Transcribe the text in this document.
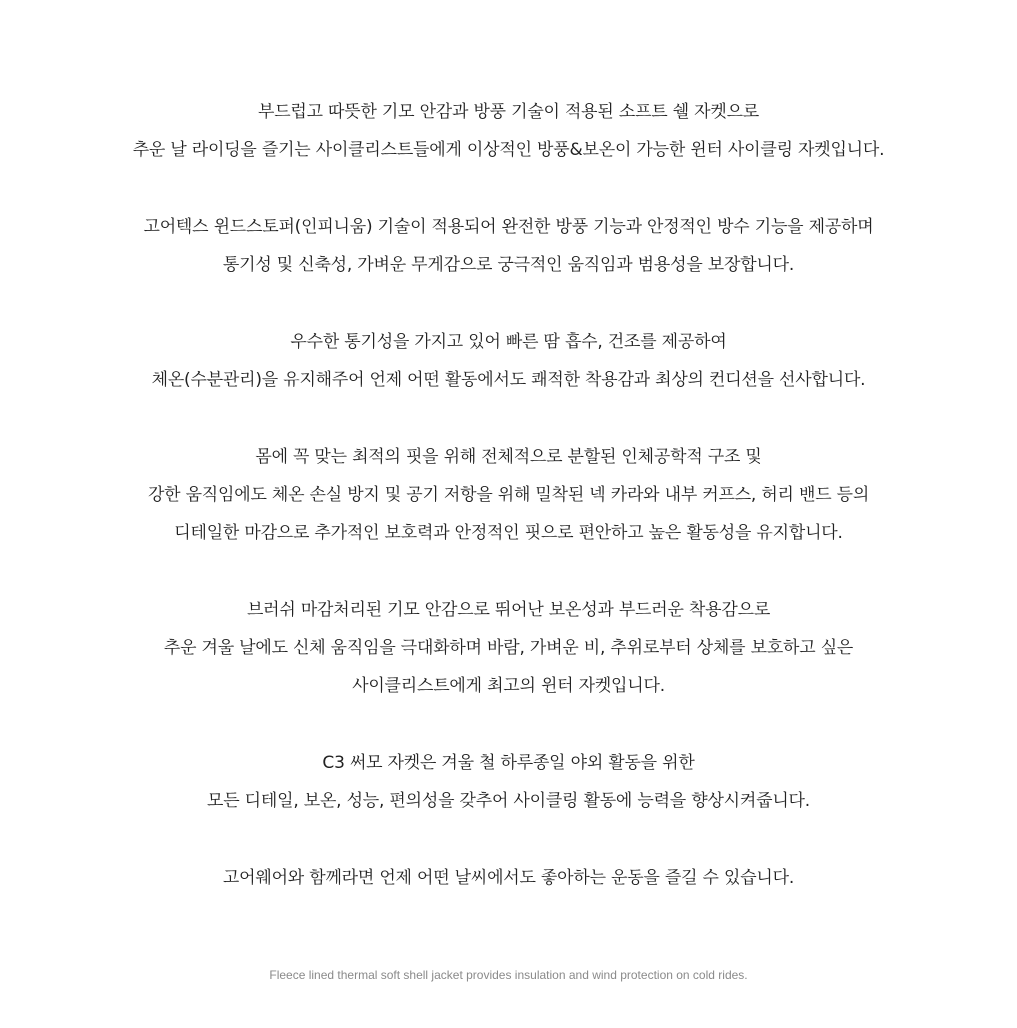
부드럽고 따뜻한 기모 안감과 방풍 기술이 적용된 소프트 쉘 자켓으로
추운 날 라이딩을 즐기는 사이클리스트들에게 이상적인 방풍&보온이 가능한 윈터 사이클링 자켓입니다.

고어텍스 윈드스토퍼(인피니움) 기술이 적용되어 완전한 방풍 기능과 안정적인 방수 기능을 제공하며
통기성 및 신축성, 가벼운 무게감으로 궁극적인 움직임과 범용성을 보장합니다.

우수한 통기성을 가지고 있어 빠른 땀 흡수, 건조를 제공하여
체온(수분관리)을 유지해주어 언제 어떤 활동에서도 쾌적한 착용감과 최상의 컨디션을 선사합니다.

몸에 꼭 맞는 최적의 핏을 위해 전체적으로 분할된 인체공학적 구조 및
강한 움직임에도 체온 손실 방지 및 공기 저항을 위해 밀착된 넥 카라와 내부 커프스, 허리 밴드 등의
디테일한 마감으로 추가적인 보호력과 안정적인 핏으로 편안하고 높은 활동성을 유지합니다.

브러쉬 마감처리된 기모 안감으로 뛰어난 보온성과 부드러운 착용감으로
추운 겨울 날에도 신체 움직임을 극대화하며 바람, 가벼운 비, 추위로부터 상체를 보호하고 싶은
사이클리스트에게 최고의 윈터 자켓입니다.

C3 써모 자켓은 겨울 철 하루종일 야외 활동을 위한
모든 디테일, 보온, 성능, 편의성을 갖추어 사이클링 활동에 능력을 향상시켜줍니다.

고어웨어와 함께라면 언제 어떤 날씨에서도 좋아하는 운동을 즐길 수 있습니다.

Fleece lined thermal soft shell jacket provides insulation and wind protection on cold rides.
